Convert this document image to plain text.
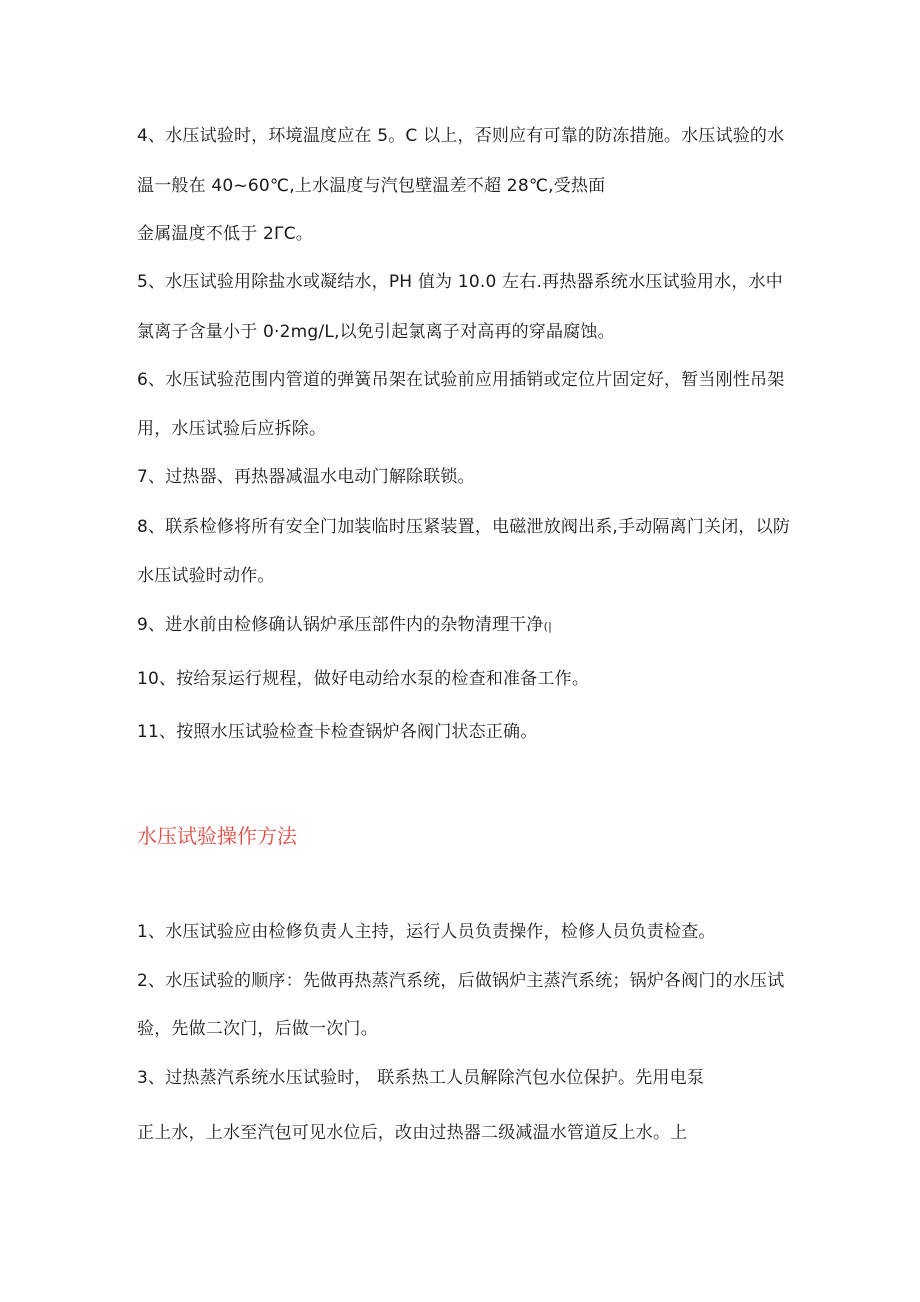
4、水压试验时，环境温度应在 5。C 以上，否则应有可靠的防冻措施。水压试验的水
温一般在 40~60℃,上水温度与汽包壁温差不超 28℃,受热面
金属温度不低于 2ΓC。
5、水压试验用除盐水或凝结水，PH 值为 10.0 左右.再热器系统水压试验用水，水中
氯离子含量小于 0·2mg/L,以免引起氯离子对高再的穿晶腐蚀。
6、水压试验范围内管道的弹簧吊架在试验前应用插销或定位片固定好，暂当刚性吊架
用，水压试验后应拆除。
7、过热器、再热器减温水电动门解除联锁。
8、联系检修将所有安全门加装临时压紧装置，电磁泄放阀出系,手动隔离门关闭，以防
水压试验时动作。
9、进水前由检修确认锅炉承压部件内的杂物清理干净(|
10、按给泵运行规程，做好电动给水泵的检查和准备工作。
11、按照水压试验检查卡检查锅炉各阀门状态正确。
水压试验操作方法
1、水压试验应由检修负责人主持，运行人员负责操作，检修人员负责检查。
2、水压试验的顺序：先做再热蒸汽系统，后做锅炉主蒸汽系统；锅炉各阀门的水压试
验，先做二次门，后做一次门。
3、过热蒸汽系统水压试验时， 联系热工人员解除汽包水位保护。先用电泵
正上水，上水至汽包可见水位后，改由过热器二级减温水管道反上水。上
